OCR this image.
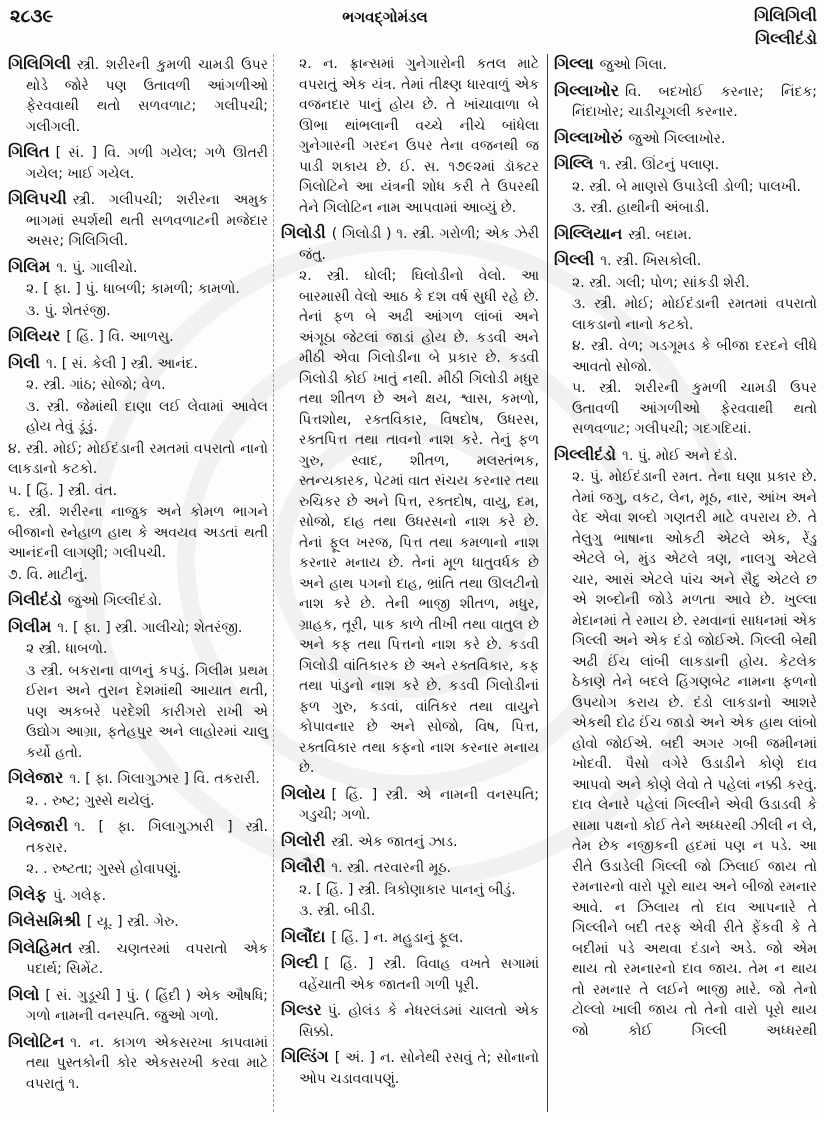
૨૮૩૯	ભગવદ્ગોમંડલ	ગિલિગિલી
ગિલ્લીદંડો
ગિલિગિલી સ્ત્રી. શરીરની કુમળી ચામડી ઉપર થોડે જોરે પણ ઉતાવળી આંગળીઓ ફેરવવાથી થતો સળવળાટ; ગલીપચી; ગલીગલી.
ગિલિત [ સં. ] વિ. ગળી ગયેલ; ગળે ઊતરી ગયેલ; ખાઈ ગયેલ.
ગિલિપચી સ્ત્રી. ગલીપચી; શરીરના અમુક ભાગમાં સ્પર્શથી થતી સળવળાટની મજેદાર અસર; ગિલિગિલી.
ગિલિમ ૧. પું. ગાલીચો.
૨. [ ફા. ] પું. ધાબળી; કામળી; કામળો.
૩. પું. શેતરંજી.
ગિલિયર [ હિં. ] વિ. આળસુ.
ગિલી ૧. [ સં. કેલી ] સ્ત્રી. આનંદ.
૨. સ્ત્રી. ગાંઠ; સોજો; વેળ.
૩. સ્ત્રી. જેમાંથી દાણા લઈ લેવામાં આવેલ હોય તેવું ડૂંડું.
૪. સ્ત્રી. મોઈ; મોઈદંડાની રમતમાં વપરાતો નાનો લાકડાનો કટકો.
૫. [ હિં. ] સ્ત્રી. વંત.
૬. સ્ત્રી. શરીરના નાજુક અને કોમળ ભાગને બીજાનો સ્નેહાળ હાથ કે અવયવ અડતાં થતી આનંદની લાગણી; ગલીપચી.
૭. વિ. માટીનું.
ગિલીદંડો જુઓ ગિલ્લીદંડો.
ગિલીમ ૧. [ ફા. ] સ્ત્રી. ગાલીચો; શેતરંજી.
૨ સ્ત્રી. ધાબળો.
૩ સ્ત્રી. બકરાના વાળનું કપડું. ગિલીમ પ્રથમ ઈરાન અને તુરાન દેશમાંથી આયાત થતી, પણ અકબરે પરદેશી કારીગરો રાખી એ ઉદ્યોગ આગ્રા, ફતેહપુર અને લાહોરમાં ચાલુ કર્યો હતો.
ગિલેજાર ૧. [ ફા. ગિલાગુઝાર ] વિ. તકરારી.
૨. . રુષ્ટ; ગુસ્સે થયેલું.
ગિલેજારી ૧. [ ફા. ગિલાગુઝારી ] સ્ત્રી. તકરાર.
૨. . રુષ્ટતા; ગુસ્સે હોવાપણું.
ગિલેફ પું. ગલેફ.
ગિલેસમિશ્રી [ યૂ. ] સ્ત્રી. ગેરુ.
ગિલેહિમત સ્ત્રી. ચણતરમાં વપરાતો એક પદાર્થ; સિમેંટ.
ગિલો [ સં. ગુડૂચી ] પું. ( હિંદી ) એક ઔષધિ; ગળો નામની વનસ્પતિ. જુઓ ગળો.
ગિલોટિન ૧. ન. કાગળ એકસરખા કાપવામાં તથા પુસ્તકોની કોર એકસરખી કરવા માટે વપરાતું ૧.
૨. ન. ફ્રાન્સમાં ગુનેગારોની કતલ માટે વપરાતું એક યંત્ર. તેમાં તીક્ષ્ણ ધારવાળું એક વજનદાર પાનું હોય છે. તે ખાંચાવાળા બે ઊભા થાંભલાની વચ્ચે નીચે બાંધેલા ગુનેગારની ગરદન ઉપર તેના વજનથી જ પાડી શકાય છે. ઈ. સ. ૧૭૯૨માં ડૉક્ટર ગિલોટિને આ યંત્રની શોધ કરી તે ઉપરથી તેને ગિલોટિન નામ આપવામાં આવ્યું છે.
ગિલોડી ( ગિલોડી ) ૧. સ્ત્રી. ગરોળી; એક ઝેરી જંતુ.
૨. સ્ત્રી. ઘોલી; ઘિલોડીનો વેલો. આ બારમાસી વેલો આઠ કે દશ વર્ષ સુધી રહે છે. તેનાં ફળ બે અઢી આંગળ લાંબાં અને અંગૂઠા જેટલાં જાડાં હોય છે. કડવી અને મીઠી એવા ગિલોડીના બે પ્રકાર છે. કડવી ગિલોડી કોઈ ખાતું નથી. મીઠી ગિલોડી મધુર તથા શીતળ છે અને ક્ષય, શ્વાસ, કમળો, પિત્તશોથ, રક્તવિકાર, વિષદોષ, ઉધરસ, રક્તપિત્ત તથા તાવનો નાશ કરે. તેનું ફળ ગુરુ, સ્વાદ, શીતળ, મલસ્તંભક, સ્તન્યકારક, પેટમાં વાત સંચય કરનાર તથા રુચિકર છે અને પિત્ત, રક્તદોષ, વાયુ, દમ, સોજો, દાહ તથા ઉધરસનો નાશ કરે છે. તેનાં ફૂલ ખરજ, પિત્ત તથા કમળાનો નાશ કરનાર મનાય છે. તેનાં મૂળ ધાતુવર્ધક છે અને હાથ પગનો દાહ, ભ્રાંતિ તથા ઊલટીનો નાશ કરે છે. તેની ભાજી શીતળ, મધુર, ગ્રાહક, તૂરી, પાક કાળે તીખી તથા વાતુલ છે અને કફ તથા પિત્તનો નાશ કરે છે. કડવી ગિલોડી વાંતિકારક છે અને રક્તવિકાર, કફ તથા પાંડુનો નાશ કરે છે. કડવી ગિલોડીનાં ફળ ગુરુ, કડવાં, વાંતિકર તથા વાયુને કોપાવનાર છે અને સોજો, વિષ, પિત્ત, રક્તવિકાર તથા કફનો નાશ કરનાર મનાય છે.
ગિલોય [ હિં. ] સ્ત્રી. એ નામની વનસ્પતિ; ગડુચી; ગળો.
ગિલોરી સ્ત્રી. એક જાતનું ઝાડ.
ગિલૌરી ૧. સ્ત્રી. તરવારની મૂઠ.
૨. [ હિં. ] સ્ત્રી. ત્રિકોણાકાર પાનનું બીડું.
૩. સ્ત્રી. બીડી.
ગિલૌંદા [ હિં. ] ન. મહુડાનું ફૂલ.
ગિલ્દી [ હિં. ] સ્ત્રી. વિવાહ વખતે સગામાં વહેંચાતી એક જાતની ગળી પૂરી.
ગિલ્ડર પું. હોલંડ કે નેધરલંડમાં ચાલતો એક સિક્કો.
ગિલ્ડિંગ [ અં. ] ન. સોનેથી રસવું તે; સોનાનો ઓપ ચડાવવાપણું.
ગિલ્લા જુઓ ગિલા.
ગિલ્લાખોર વિ. બદખોઈ કરનાર; નિંદક; નિંદાખોર; ચાડીચૂગલી કરનાર.
ગિલ્લાખોરું જુઓ ગિલ્લાખોર.
ગિલ્લિ ૧. સ્ત્રી. ઊંટનું પલાણ.
૨. સ્ત્રી. બે માણસે ઉપાડેલી ડોળી; પાલખી.
૩. સ્ત્રી. હાથીની અંબાડી.
ગિલ્લિયાન સ્ત્રી. બદામ.
ગિલ્લી ૧. સ્ત્રી. ખિસકોલી.
૨. સ્ત્રી. ગલી; પોળ; સાંકડી શેરી.
૩. સ્ત્રી. મોઈ; મોઈદંડાની રમતમાં વપરાતો લાકડાનો નાનો કટકો.
૪. સ્ત્રી. વેળ; ગડગૂમડ કે બીજા દરદને લીધે આવતો સોજો.
૫. સ્ત્રી. શરીરની કુમળી ચામડી ઉપર ઉતાવળી આંગળીઓ ફેરવવાથી થતો સળવળાટ; ગલીપચી; ગદગદિયાં.
ગિલ્લીદંડો ૧. પું. મોઈ અને દંડો.
૨. પું. મોઈદંડાની રમત. તેના ઘણા પ્રકાર છે. તેમાં જગુ, વકટ, લેન, મૂઠ, નાર, આંખ અને વેદ એવા શબ્દો ગણતરી માટે વપરાય છે. તે તેલુગુ ભાષાના ઓકટી એટલે એક, રેંડુ એટલે બે, મુંડ એટલે ત્રણ, નાલગુ એટલે ચાર, આસં એટલે પાંચ અને સૈદુ એટલે છ એ શબ્દોની જોડે મળતા આવે છે. ખુલ્લા મેદાનમાં તે રમાય છે. રમવાનાં સાધનમાં એક ગિલ્લી અને એક દંડો જોઈએ. ગિલ્લી બેથી અઢી ઈંચ લાંબી લાકડાની હોય. કેટલેક ઠેકાણે તેને બદલે હિંગણબેટ નામના ફળનો ઉપયોગ કરાય છે. દંડો લાકડાનો આશરે એકથી દોઢ ઈંચ જાડો અને એક હાથ લાંબો હોવો જોઈએ. બદી અગર ગબી જમીનમાં ખોદવી. પૈસો વગેરે ઉડાડીને કોણે દાવ આપવો અને કોણે લેવો તે પહેલાં નક્કી કરવું. દાવ લેનારે પહેલાં ગિલ્લીને એવી ઉડાડવી કે સામા પક્ષનો કોઈ તેને અધ્ધરથી ઝીલી ન લે, તેમ છેક નજીકની હદમાં પણ ન પડે. આ રીતે ઉડાડેલી ગિલ્લી જો ઝિલાઈ જાય તો રમનારનો વારો પૂરો થાય અને બીજો રમનાર આવે. ન ઝિલાય તો દાવ આપનારે તે ગિલ્લીને બદી તરફ એવી રીતે ફેંકવી કે તે બદીમાં પડે અથવા દંડાને અડે. જો એમ થાય તો રમનારનો દાવ જાય. તેમ ન થાય તો રમનાર તે લઈને ભાજી મારે. જો તેનો ટોલ્લો ખાલી જાય તો તેનો વારો પૂરો થાય જો કોઈ ગિલ્લી અધ્ધરથી
